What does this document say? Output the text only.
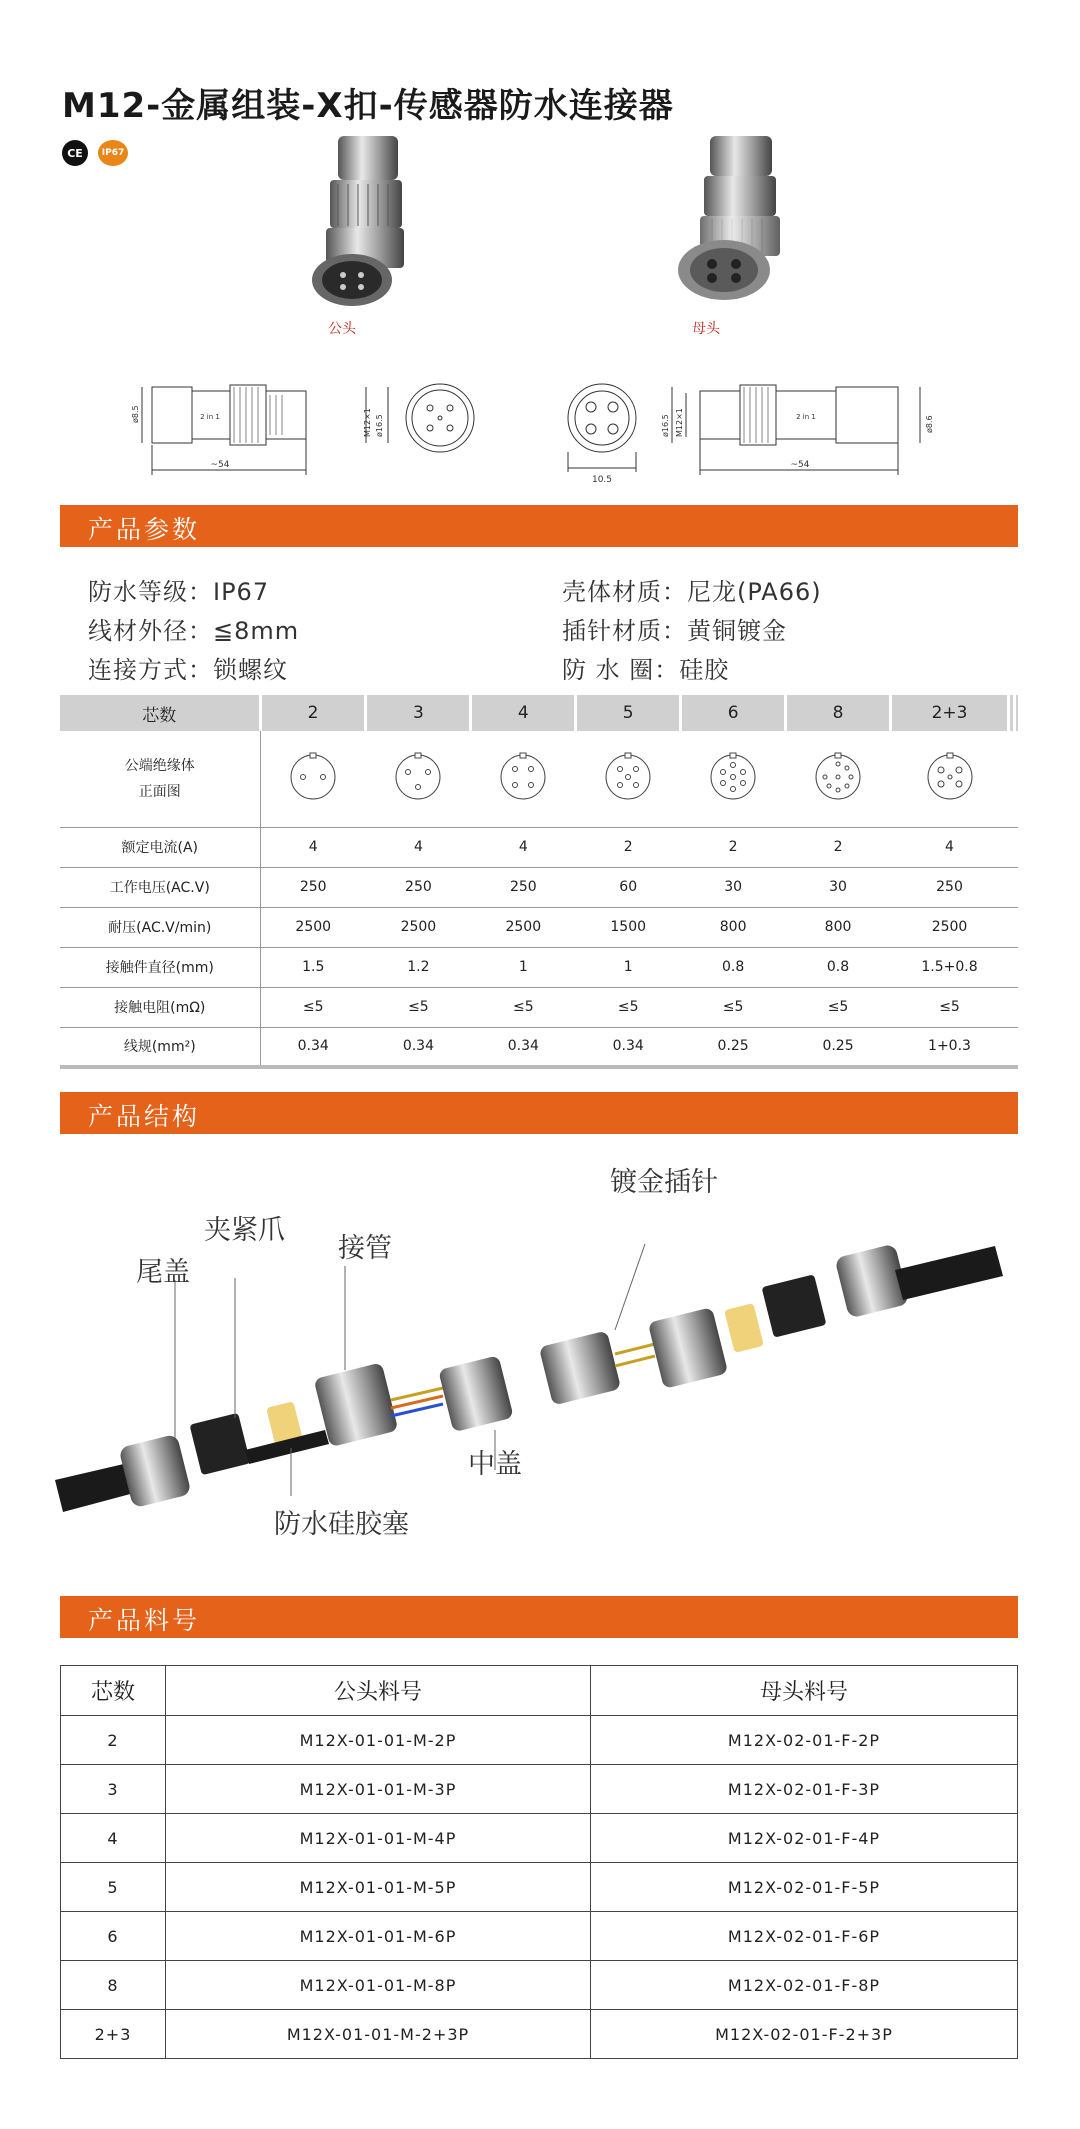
M12-金属组装-X扣-传感器防水连接器
CE	IP67
公头	母头
~54
ø8.5	M12×1 ø16.5
2 in 1
10.5
~54
ø8.6
M12×1
ø16.5	2 in 1
产品参数
防水等级：IP67
线材外径：≦8mm
连接方式：锁螺纹
壳体材质：尼龙(PA66)
插针材质：黄铜镀金
防 水 圈：硅胶
芯数	2	3	4	5	6	8	2+3		
公端绝缘体
正面图									
额定电流(A)	4	4	4	2	2	2	4		
工作电压(AC.V)	250	250	250	60	30	30	250		
耐压(AC.V/min)	2500	2500	2500	1500	800	800	2500		
接触件直径(mm)	1.5	1.2	1	1	0.8	0.8	1.5+0.8		
接触电阻(mΩ)	≤5	≤5	≤5	≤5	≤5	≤5	≤5		
线规(mm²)	0.34	0.34	0.34	0.34	0.25	0.25	1+0.3		
产品结构
尾盖
夹紧爪
接管
镀金插针
中盖
防水硅胶塞
产品料号
芯数	公头料号	母头料号
2	M12X-01-01-M-2P	M12X-02-01-F-2P
3	M12X-01-01-M-3P	M12X-02-01-F-3P
4	M12X-01-01-M-4P	M12X-02-01-F-4P
5	M12X-01-01-M-5P	M12X-02-01-F-5P
6	M12X-01-01-M-6P	M12X-02-01-F-6P
8	M12X-01-01-M-8P	M12X-02-01-F-8P
2+3	M12X-01-01-M-2+3P	M12X-02-01-F-2+3P
